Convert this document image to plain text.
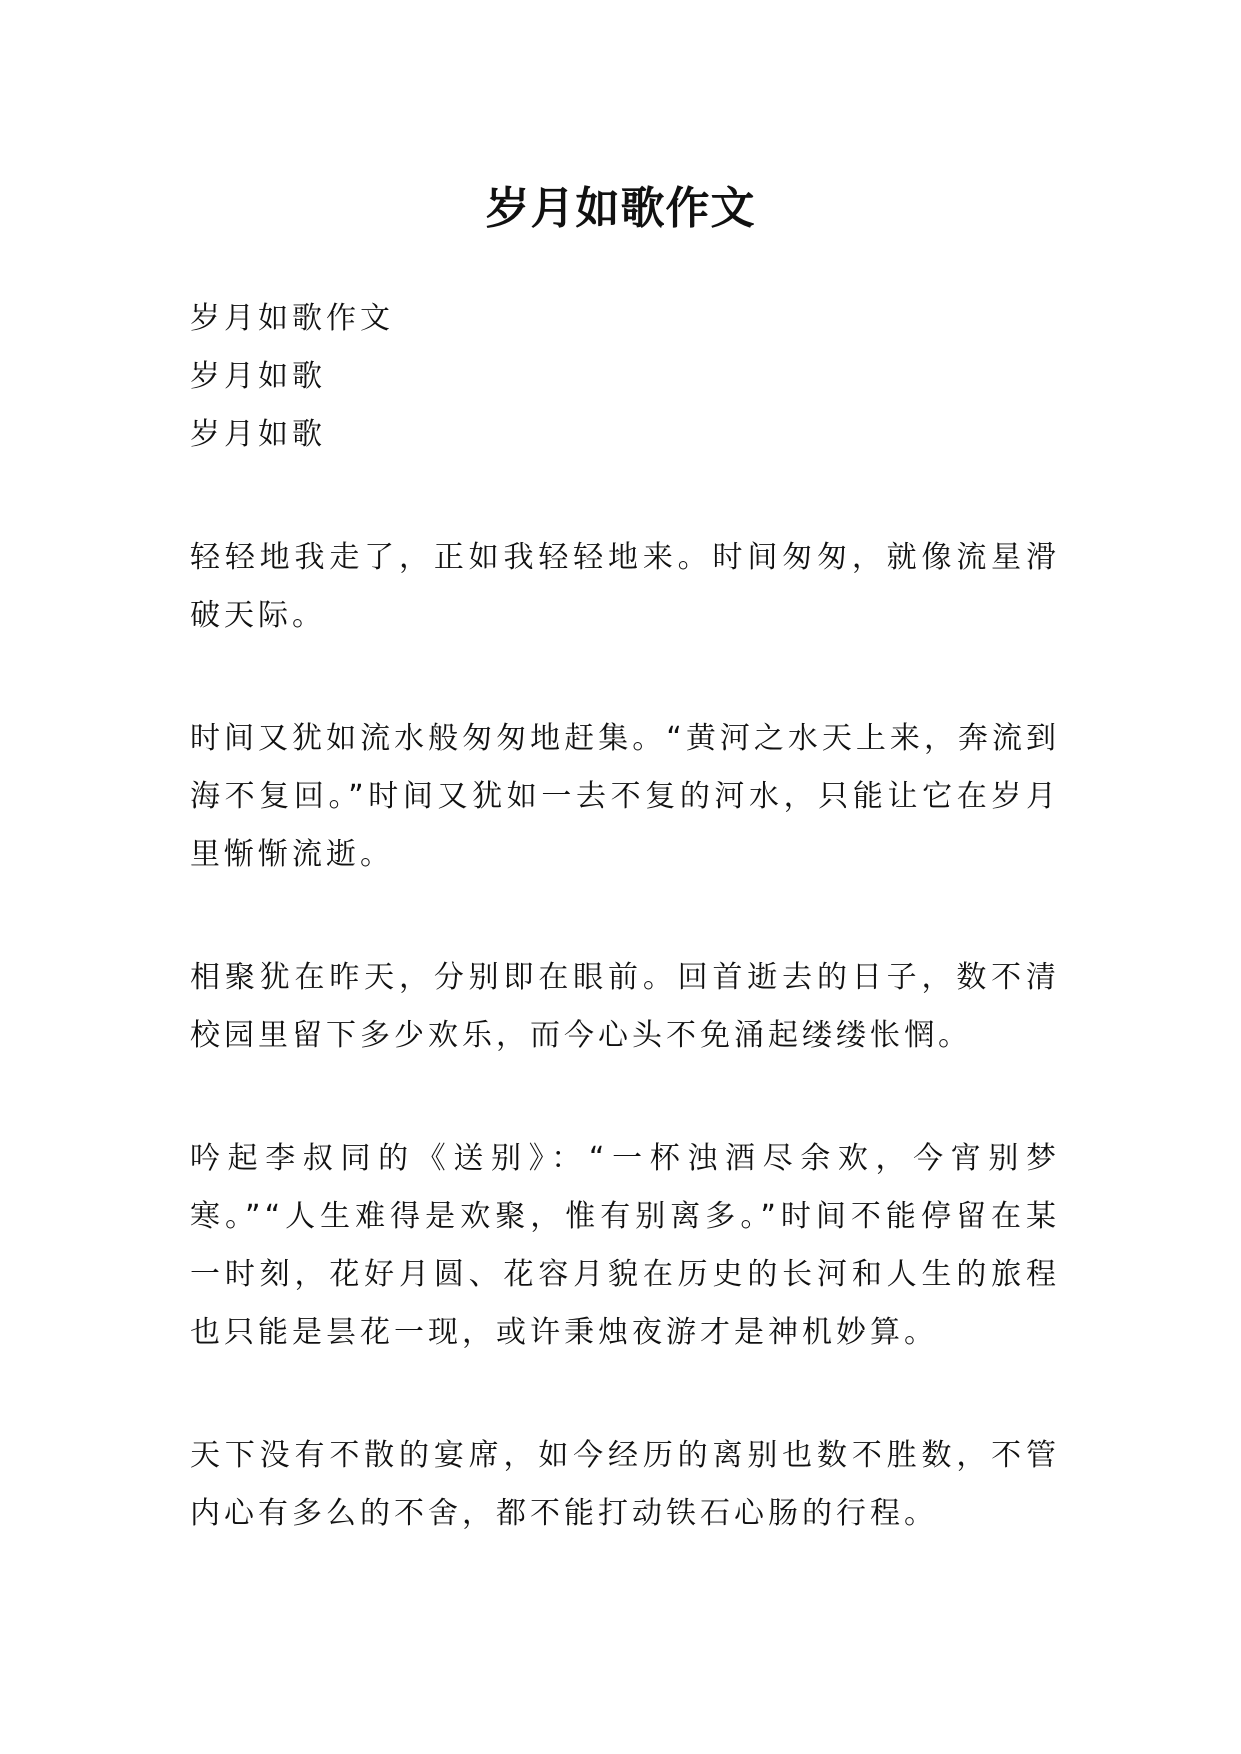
岁月如歌作文

岁月如歌作文

岁月如歌

岁月如歌

轻轻地我走了，正如我轻轻地来。时间匆匆，就像流星滑破天际。

时间又犹如流水般匆匆地赶集。“黄河之水天上来，奔流到海不复回。”时间又犹如一去不复的河水，只能让它在岁月里惭惭流逝。

相聚犹在昨天，分别即在眼前。回首逝去的日子，数不清校园里留下多少欢乐，而今心头不免涌起缕缕怅惘。

吟起李叔同的《送别》：“一杯浊酒尽余欢，今宵别梦寒。”“人生难得是欢聚，惟有别离多。”时间不能停留在某一时刻，花好月圆、花容月貌在历史的长河和人生的旅程也只能是昙花一现，或许秉烛夜游才是神机妙算。

天下没有不散的宴席，如今经历的离别也数不胜数，不管内心有多么的不舍，都不能打动铁石心肠的行程。
